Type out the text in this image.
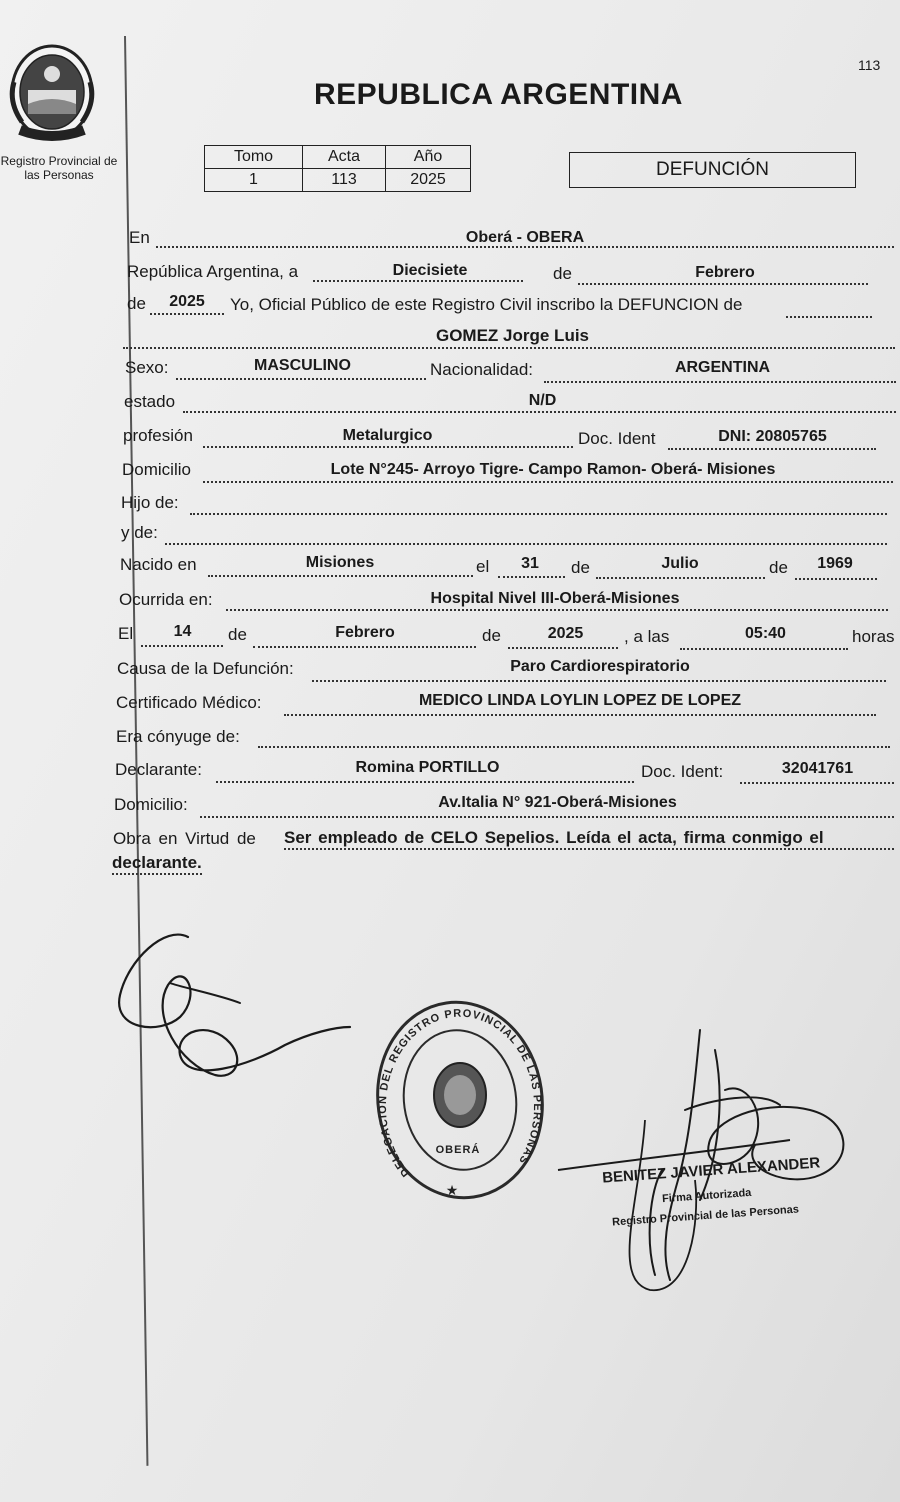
Registro Provincial de las Personas
113
REPUBLICA ARGENTINA
Tomo	Acta	Año
1	113	2025	DEFUNCIÓN
En	Oberá - OBERA
República Argentina, a	Diecisiete	de	Febrero
de	2025	Yo, Oficial Público de este Registro Civil inscribo la DEFUNCION de
GOMEZ Jorge Luis
Sexo:	MASCULINO	Nacionalidad:	ARGENTINA
estado	N/D
profesión	Metalurgico	Doc. Ident	DNI: 20805765
Domicilio	Lote N°245- Arroyo Tigre- Campo Ramon- Oberá- Misiones
Hijo de:
y de:
Nacido en	Misiones	el	31	de	Julio	de	1969
Ocurrida en:	Hospital Nivel III-Oberá-Misiones
El	14	de	Febrero	de	2025	, a las	05:40	horas
Causa de la Defunción:	Paro Cardiorespiratorio
Certificado Médico:	MEDICO LINDA LOYLIN LOPEZ DE LOPEZ
Era cónyuge de:
Declarante:	Romina PORTILLO	Doc. Ident:	32041761
Domicilio:	Av.Italia N° 921-Oberá-Misiones
Obra en Virtud de Ser empleado de CELO Sepelios. Leída el acta, firma conmigo el
declarante.
DELEGACION DEL REGISTRO PROVINCIAL DE LAS PERSONAS
OBERÁ
★
BENITEZ JAVIER ALEXANDER
Firma Autorizada
Registro Provincial de las Personas
